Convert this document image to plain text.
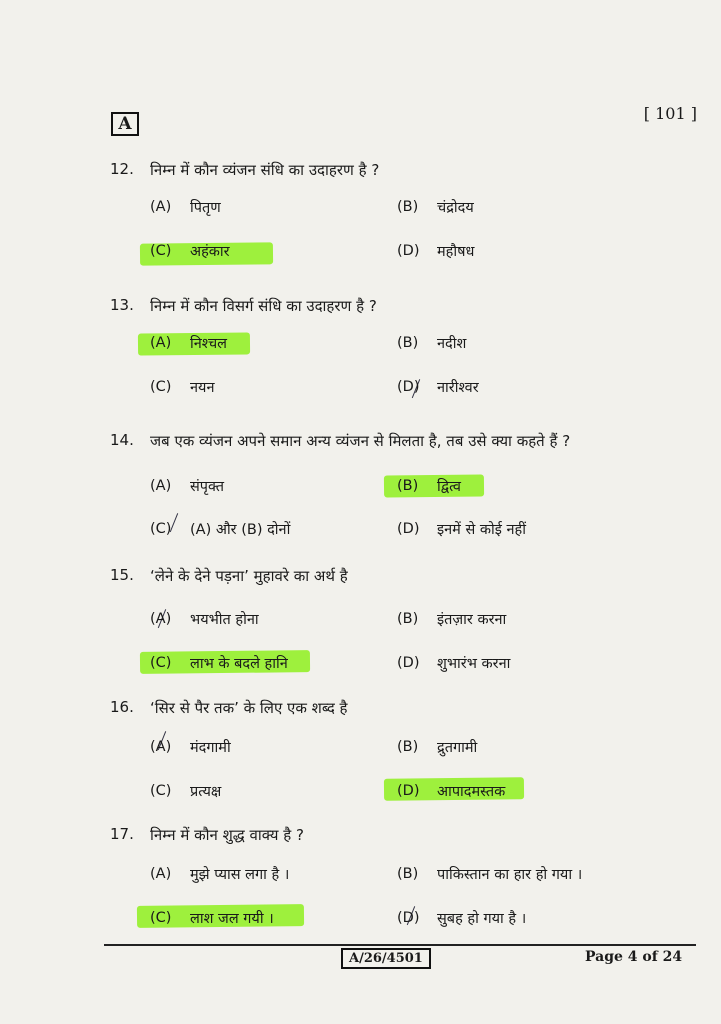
A
[ 101 ]
12. निम्न में कौन व्यंजन संधि का उदाहरण है ?
(A)	पितृण	(B)	चंद्रोदय
(C)	अहंकार	(D)	महौषध
13. निम्न में कौन विसर्ग संधि का उदाहरण है ?
(A)	निश्चल	(B)	नदीश
(C)	नयन	(D)	नारीश्वर
14. जब एक व्यंजन अपने समान अन्य व्यंजन से मिलता है, तब उसे क्या कहते हैं ?
(A)	संपृक्त	(B)	द्वित्व
(C)	(A) और (B) दोनों	(D)	इनमें से कोई नहीं
15. ‘लेने के देने पड़ना’ मुहावरे का अर्थ है
(A)	भयभीत होना	(B)	इंतज़ार करना
(C)	लाभ के बदले हानि	(D)	शुभारंभ करना
16. ‘सिर से पैर तक’ के लिए एक शब्द है
(A)	मंदगामी	(B)	द्रुतगामी
(C)	प्रत्यक्ष	(D)	आपादमस्तक
17. निम्न में कौन शुद्ध वाक्य है ?
(A)	मुझे प्यास लगा है ।	(B)	पाकिस्तान का हार हो गया ।
(C)	लाश जल गयी ।	(D)	सुबह हो गया है ।
A/26/4501	Page 4 of 24
